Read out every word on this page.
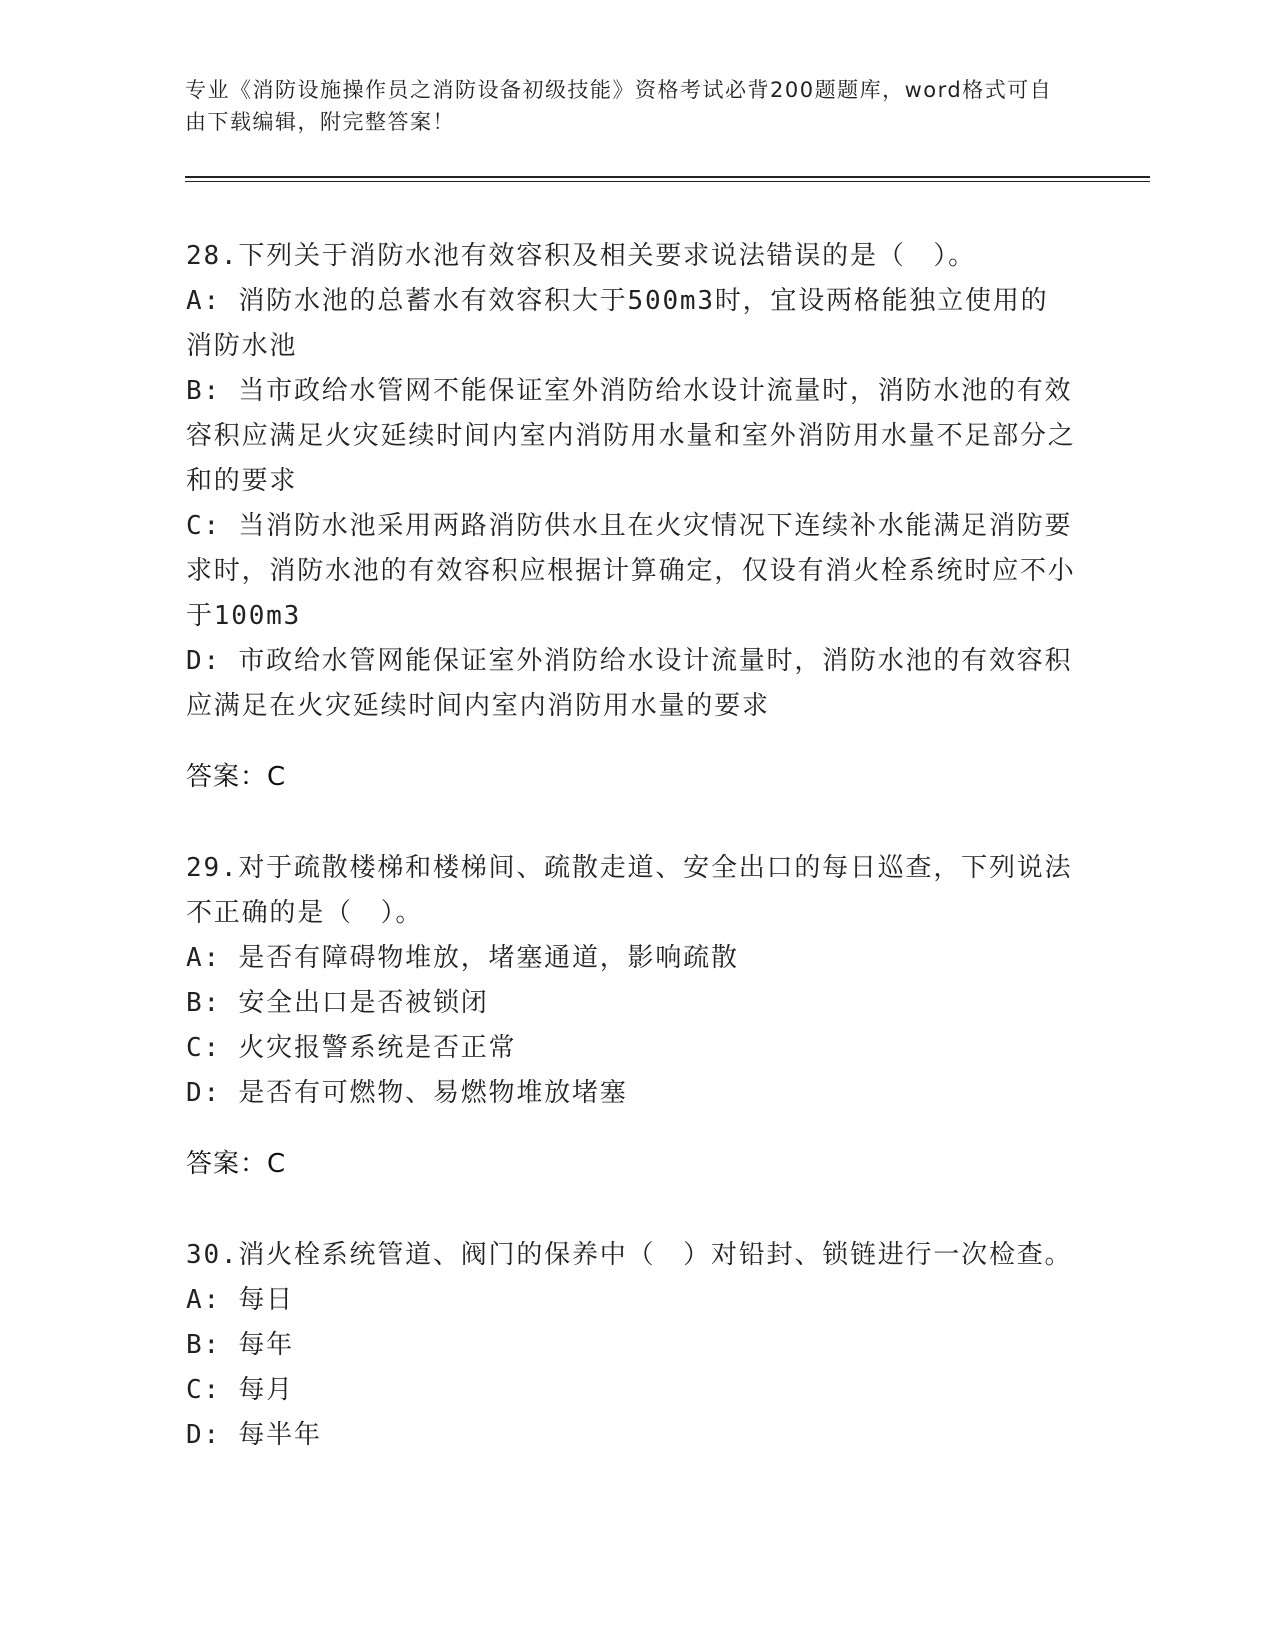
专业《消防设施操作员之消防设备初级技能》资格考试必背200题题库，word格式可自由下载编辑，附完整答案！

28.下列关于消防水池有效容积及相关要求说法错误的是（　）。

A: 消防水池的总蓄水有效容积大于500m3时，宜设两格能独立使用的消防水池

B: 当市政给水管网不能保证室外消防给水设计流量时，消防水池的有效容积应满足火灾延续时间内室内消防用水量和室外消防用水量不足部分之和的要求

C: 当消防水池采用两路消防供水且在火灾情况下连续补水能满足消防要求时，消防水池的有效容积应根据计算确定，仅设有消火栓系统时应不小于100m3

D: 市政给水管网能保证室外消防给水设计流量时，消防水池的有效容积应满足在火灾延续时间内室内消防用水量的要求

答案：C

29.对于疏散楼梯和楼梯间、疏散走道、安全出口的每日巡查，下列说法不正确的是（　）。

A: 是否有障碍物堆放，堵塞通道，影响疏散

B: 安全出口是否被锁闭

C: 火灾报警系统是否正常

D: 是否有可燃物、易燃物堆放堵塞

答案：C

30.消火栓系统管道、阀门的保养中（　）对铅封、锁链进行一次检查。

A: 每日

B: 每年

C: 每月

D: 每半年
